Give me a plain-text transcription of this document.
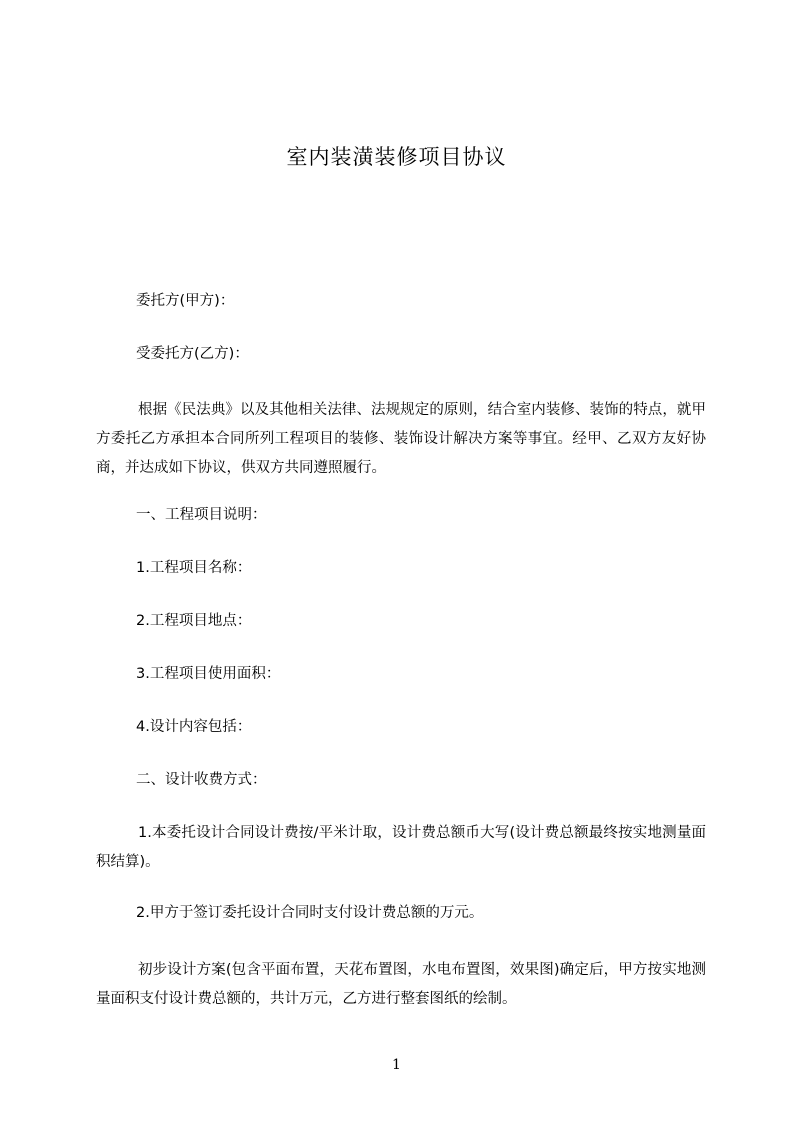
室内装潢装修项目协议
委托方(甲方)：
受委托方(乙方)：
根据《民法典》以及其他相关法律、法规规定的原则，结合室内装修、装饰的特点，就甲方委托乙方承担本合同所列工程项目的装修、装饰设计解决方案等事宜。经甲、乙双方友好协商，并达成如下协议，供双方共同遵照履行。
一、工程项目说明：
1.工程项目名称：
2.工程项目地点：
3.工程项目使用面积：
4.设计内容包括：
二、设计收费方式：
1.本委托设计合同设计费按/平米计取，设计费总额币大写(设计费总额最终按实地测量面积结算)。
2.甲方于签订委托设计合同时支付设计费总额的万元。
初步设计方案(包含平面布置，天花布置图，水电布置图，效果图)确定后，甲方按实地测量面积支付设计费总额的，共计万元，乙方进行整套图纸的绘制。
1
